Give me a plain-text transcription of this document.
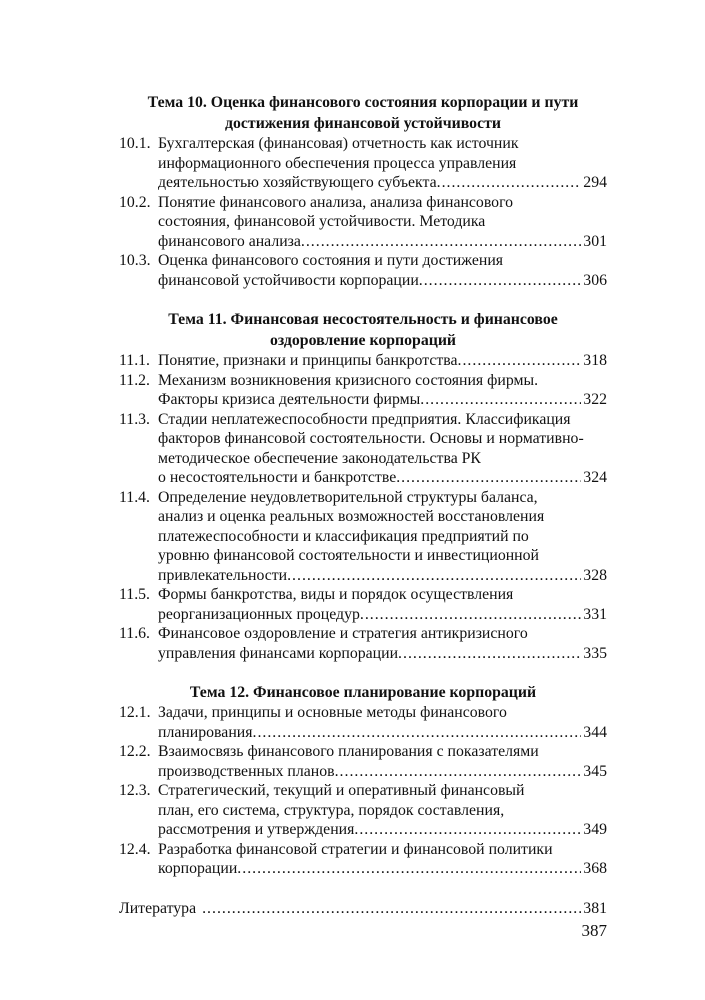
Тема 10. Оценка финансового состояния корпорации и пути
достижения финансовой устойчивости
10.1. Бухгалтерская (финансовая) отчетность как источник
информационного обеспечения процесса управления
деятельностью хозяйствующего субъекта .....	294
10.2. Понятие финансового анализа, анализа финансового
состояния, финансовой устойчивости. Методика
финансового анализа .....	301
10.3. Оценка финансового состояния и пути достижения
финансовой устойчивости корпорации .....	306
Тема 11. Финансовая несостоятельность и финансовое
оздоровление корпораций
11.1. Понятие, признаки и принципы банкротства .....	318
11.2. Механизм возникновения кризисного состояния фирмы.
Факторы кризиса деятельности фирмы .....	322
11.3. Стадии неплатежеспособности предприятия. Классификация
факторов финансовой состоятельности. Основы и нормативно-
методическое обеспечение законодательства РК
о несостоятельности и банкротстве .....	324
11.4. Определение неудовлетворительной структуры баланса,
анализ и оценка реальных возможностей восстановления
платежеспособности и классификация предприятий по
уровню финансовой состоятельности и инвестиционной
привлекательности .....	328
11.5. Формы банкротства, виды и порядок осуществления
реорганизационных процедур .....	331
11.6. Финансовое оздоровление и стратегия антикризисного
управления финансами корпорации .....	335
Тема 12. Финансовое планирование корпораций
12.1. Задачи, принципы и основные методы финансового
планирования .....	344
12.2. Взаимосвязь финансового планирования с показателями
производственных планов .....	345
12.3. Стратегический, текущий и оперативный финансовый
план, его система, структура, порядок составления,
рассмотрения и утверждения .....	349
12.4. Разработка финансовой стратегии и финансовой политики
корпорации .....	368
Литература .....	381
387
